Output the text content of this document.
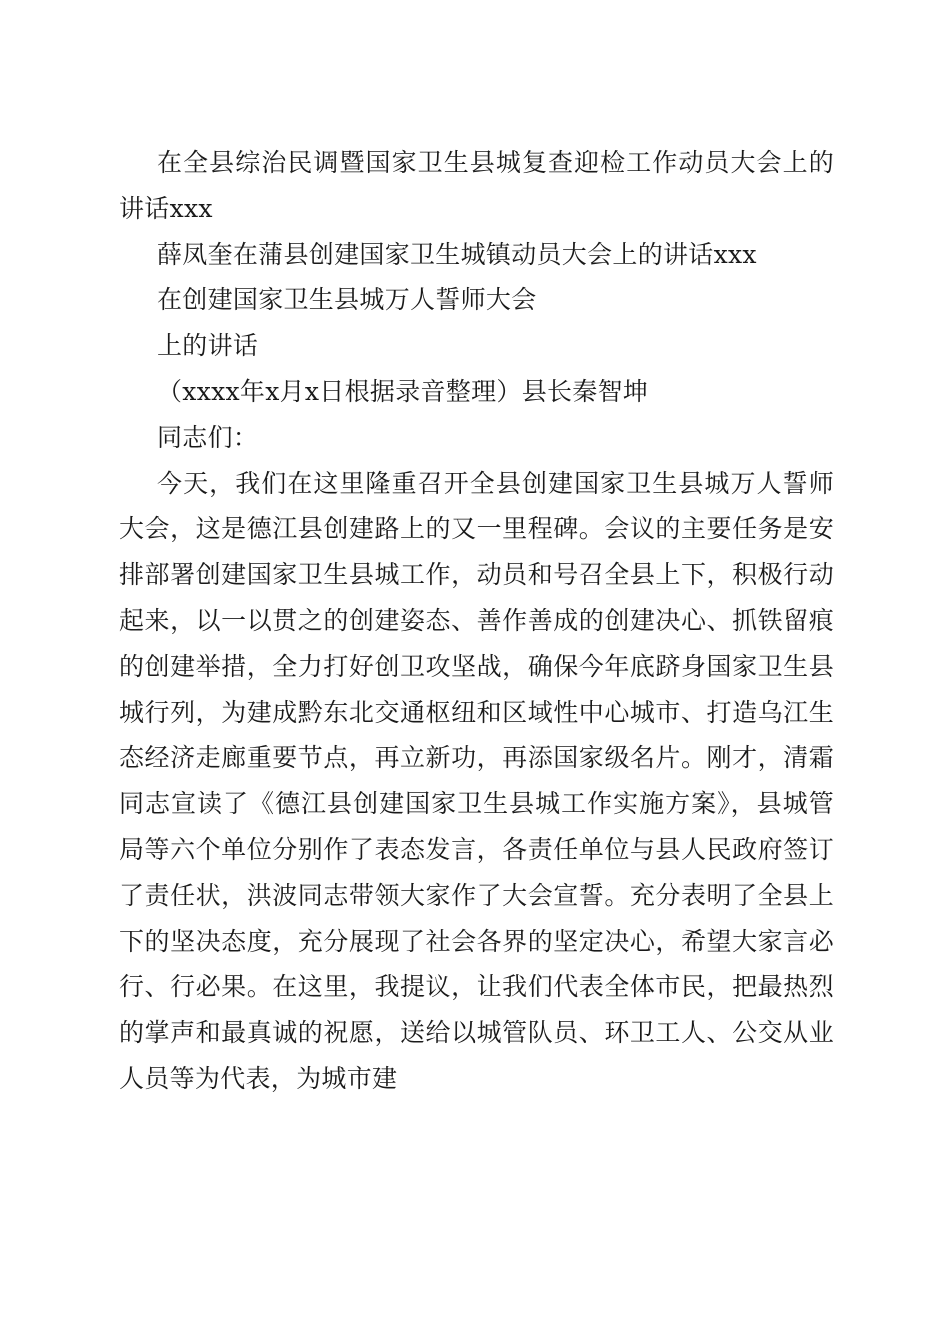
在全县综治民调暨国家卫生县城复查迎检工作动员大会上的讲话xxx

薛凤奎在蒲县创建国家卫生城镇动员大会上的讲话xxx

在创建国家卫生县城万人誓师大会

上的讲话

（xxxx年x月x日根据录音整理）县长秦智坤

同志们：

今天，我们在这里隆重召开全县创建国家卫生县城万人誓师大会，这是德江县创建路上的又一里程碑。会议的主要任务是安排部署创建国家卫生县城工作，动员和号召全县上下，积极行动起来，以一以贯之的创建姿态、善作善成的创建决心、抓铁留痕的创建举措，全力打好创卫攻坚战，确保今年底跻身国家卫生县城行列，为建成黔东北交通枢纽和区域性中心城市、打造乌江生态经济走廊重要节点，再立新功，再添国家级名片。刚才，清霜同志宣读了《德江县创建国家卫生县城工作实施方案》，县城管局等六个单位分别作了表态发言，各责任单位与县人民政府签订了责任状，洪波同志带领大家作了大会宣誓。充分表明了全县上下的坚决态度，充分展现了社会各界的坚定决心，希望大家言必行、行必果。在这里，我提议，让我们代表全体市民，把最热烈的掌声和最真诚的祝愿，送给以城管队员、环卫工人、公交从业人员等为代表，为城市建
